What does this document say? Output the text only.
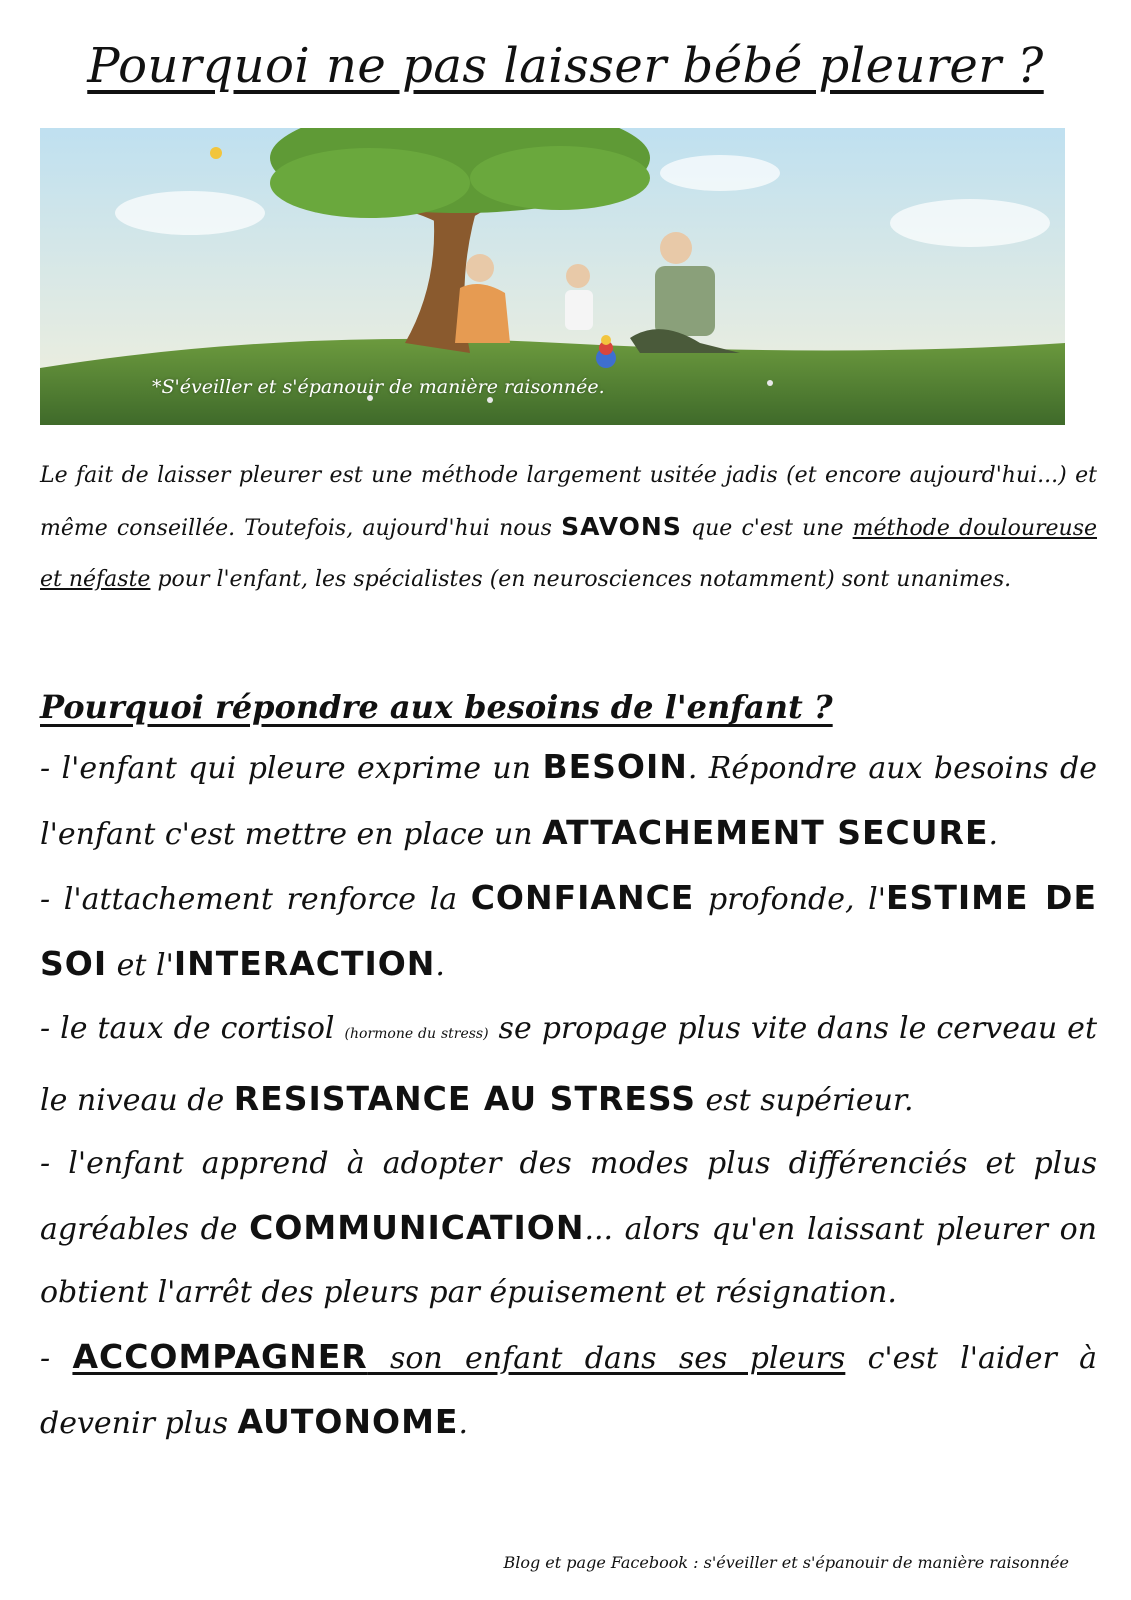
Pourquoi ne pas laisser bébé pleurer ?
*S'éveiller et s'épanouir de manière raisonnée.
Le fait de laisser pleurer est une méthode largement usitée jadis (et encore aujourd'hui...) et même conseillée. Toutefois, aujourd'hui nous SAVONS que c'est une méthode douloureuse et néfaste pour l'enfant, les spécialistes (en neurosciences notamment) sont unanimes.
Pourquoi répondre aux besoins de l'enfant ?
- l'enfant qui pleure exprime un BESOIN. Répondre aux besoins de l'enfant c'est mettre en place un ATTACHEMENT SECURE.
- l'attachement renforce la CONFIANCE profonde, l'ESTIME DE SOI et l'INTERACTION.
- le taux de cortisol (hormone du stress) se propage plus vite dans le cerveau et le niveau de RESISTANCE AU STRESS est supérieur.
- l'enfant apprend à adopter des modes plus différenciés et plus agréables de COMMUNICATION... alors qu'en laissant pleurer on obtient l'arrêt des pleurs par épuisement et résignation.
- ACCOMPAGNER son enfant dans ses pleurs c'est l'aider à devenir plus AUTONOME.
Blog et page Facebook : s'éveiller et s'épanouir de manière raisonnée
